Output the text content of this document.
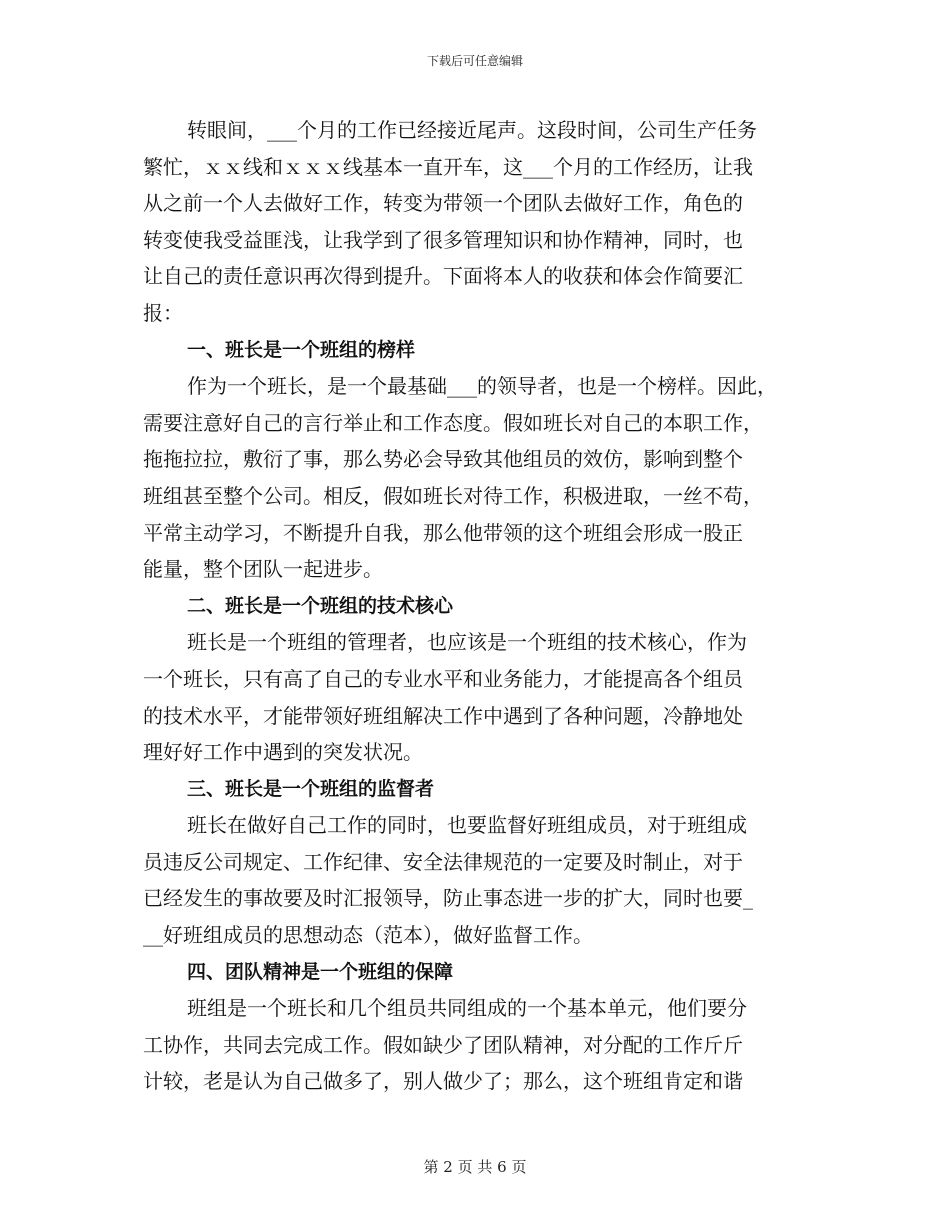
下载后可任意编辑
转眼间，___个月的工作已经接近尾声。这段时间，公司生产任务
繁忙，ｘｘ线和ｘｘｘ线基本一直开车，这___个月的工作经历，让我
从之前一个人去做好工作，转变为带领一个团队去做好工作，角色的
转变使我受益匪浅，让我学到了很多管理知识和协作精神，同时，也
让自己的责任意识再次得到提升。下面将本人的收获和体会作简要汇
报：
一、班长是一个班组的榜样
作为一个班长，是一个最基础___的领导者，也是一个榜样。因此，
需要注意好自己的言行举止和工作态度。假如班长对自己的本职工作，
拖拖拉拉，敷衍了事，那么势必会导致其他组员的效仿，影响到整个
班组甚至整个公司。相反，假如班长对待工作，积极进取，一丝不苟，
平常主动学习，不断提升自我，那么他带领的这个班组会形成一股正
能量，整个团队一起进步。
二、班长是一个班组的技术核心
班长是一个班组的管理者，也应该是一个班组的技术核心，作为
一个班长，只有高了自己的专业水平和业务能力，才能提高各个组员
的技术水平，才能带领好班组解决工作中遇到了各种问题，冷静地处
理好好工作中遇到的突发状况。
三、班长是一个班组的监督者
班长在做好自己工作的同时，也要监督好班组成员，对于班组成
员违反公司规定、工作纪律、安全法律规范的一定要及时制止，对于
已经发生的事故要及时汇报领导，防止事态进一步的扩大，同时也要_
__好班组成员的思想动态（范本），做好监督工作。
四、团队精神是一个班组的保障
班组是一个班长和几个组员共同组成的一个基本单元，他们要分
工协作，共同去完成工作。假如缺少了团队精神，对分配的工作斤斤
计较，老是认为自己做多了，别人做少了；那么，这个班组肯定和谐
第 2 页 共 6 页
